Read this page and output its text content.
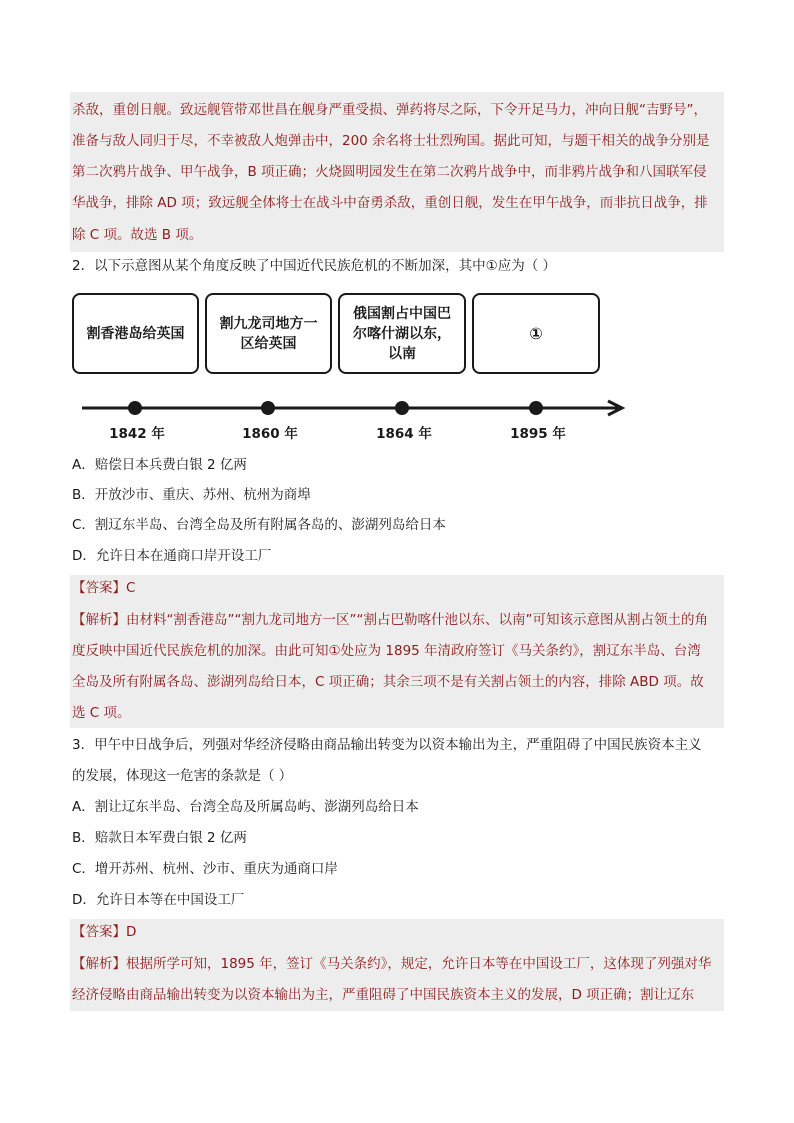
杀敌，重创日舰。致远舰管带邓世昌在舰身严重受损、弹药将尽之际，下令开足马力，冲向日舰“吉野号”，
准备与敌人同归于尽，不幸被敌人炮弹击中，200 余名将士壮烈殉国。据此可知，与题干相关的战争分别是
第二次鸦片战争、甲午战争，B 项正确；火烧圆明园发生在第二次鸦片战争中，而非鸦片战争和八国联军侵
华战争，排除 AD 项；致远舰全体将士在战斗中奋勇杀敌，重创日舰，发生在甲午战争，而非抗日战争，排
除 C 项。故选 B 项。
2．以下示意图从某个角度反映了中国近代民族危机的不断加深，其中①应为（ ）
割香港岛给英国
割九龙司地方一区给英国
俄国割占中国巴尔喀什湖以东，以南
①
1842 年	1860 年	1864 年	1895 年
A．赔偿日本兵费白银 2 亿两
B．开放沙市、重庆、苏州、杭州为商埠
C．割辽东半岛、台湾全岛及所有附属各岛的、澎湖列岛给日本
D．允许日本在通商口岸开设工厂
【答案】C
【解析】由材料“割香港岛”“割九龙司地方一区”“割占巴勒喀什池以东、以南”可知该示意图从割占领土的角
度反映中国近代民族危机的加深。由此可知①处应为 1895 年清政府签订《马关条约》，割辽东半岛、台湾
全岛及所有附属各岛、澎湖列岛给日本，C 项正确；其余三项不是有关割占领土的内容，排除 ABD 项。故
选 C 项。
3．甲午中日战争后，列强对华经济侵略由商品输出转变为以资本输出为主，严重阻碍了中国民族资本主义
的发展，体现这一危害的条款是（ ）
A．割让辽东半岛、台湾全岛及所属岛屿、澎湖列岛给日本
B．赔款日本军费白银 2 亿两
C．增开苏州、杭州、沙市、重庆为通商口岸
D．允许日本等在中国设工厂
【答案】D
【解析】根据所学可知，1895 年，签订《马关条约》，规定，允许日本等在中国设工厂，这体现了列强对华
经济侵略由商品输出转变为以资本输出为主，严重阻碍了中国民族资本主义的发展，D 项正确；割让辽东
